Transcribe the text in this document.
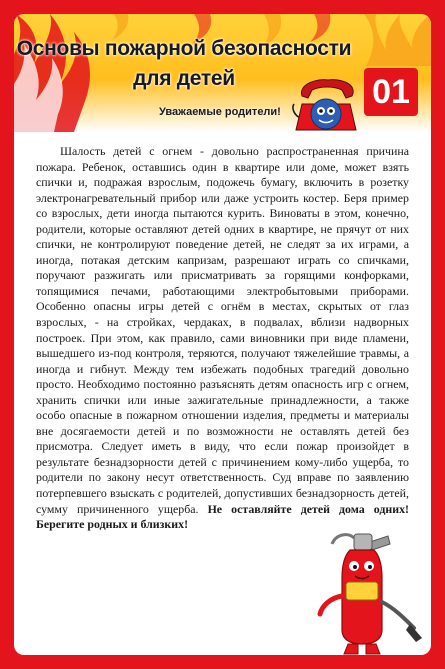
Основы пожарной безопасности
для детей
Уважаемые родители!
01
Шалость детей с огнем - довольно распространенная причина пожара. Ребенок, оставшись один в квартире или доме, может взять спички и, подражая взрослым, подожечь бумагу, включить в розетку электронагревательный прибор или даже устроить костер. Беря пример со взрослых, дети иногда пытаются курить. Виноваты в этом, конечно, родители, которые оставляют детей одних в квартире, не прячут от них спички, не контролируют поведение детей, не следят за их играми, а иногда, потакая детским капризам, разрешают играть со спичками, поручают разжигать или присматривать за горящими конфорками, топящимися печами, работающими электробытовыми приборами. Особенно опасны игры детей с огнём в местах, скрытых от глаз взрослых, - на стройках, чердаках, в подвалах, вблизи надворных построек. При этом, как правило, сами виновники при виде пламени, вышедшего из-под контроля, теряются, получают тяжелейшие травмы, а иногда и гибнут. Между тем избежать подобных трагедий довольно просто. Необходимо постоянно разъяснять детям опасность игр с огнем, хранить спички или иные зажигательные принадлежности, а также особо опасные в пожарном отношении изделия, предметы и материалы вне досягаемости детей и по возможности не оставлять детей без присмотра. Следует иметь в виду, что если пожар произойдет в результате безнадзорности детей с причинением кому-либо ущерба, то родители по закону несут ответственность. Суд вправе по заявлению потерпевшего взыскать с родителей, допустивших безнадзорность детей, сумму причиненного ущерба. Не оставляйте детей дома одних! Берегите родных и близких!
